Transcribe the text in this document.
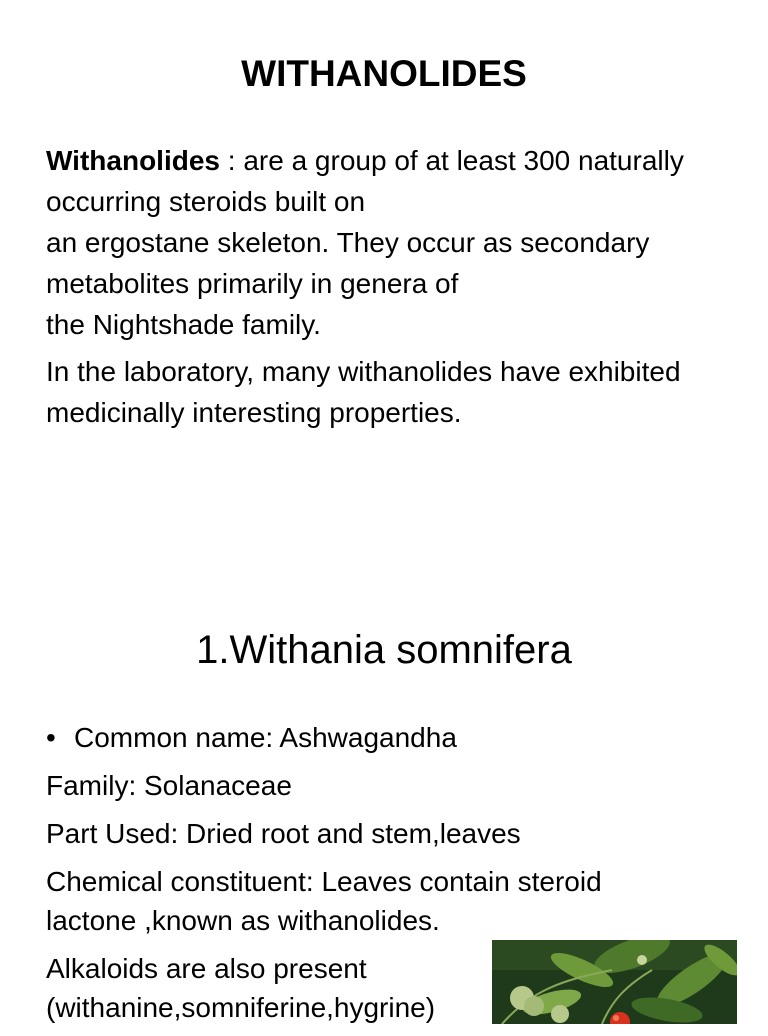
WITHANOLIDES

Withanolides : are a group of at least 300 naturally occurring steroids built on
an ergostane skeleton. They occur as secondary metabolites primarily in genera of
the Nightshade family.

In the laboratory, many withanolides have exhibited medicinally interesting properties.

1.Withania somnifera
• Common name: Ashwagandha
Family: Solanaceae
Part Used: Dried root and stem,leaves
Chemical constituent: Leaves contain steroid lactone ,known as withanolides.
Alkaloids are also present (withanine,somniferine,hygrine)
